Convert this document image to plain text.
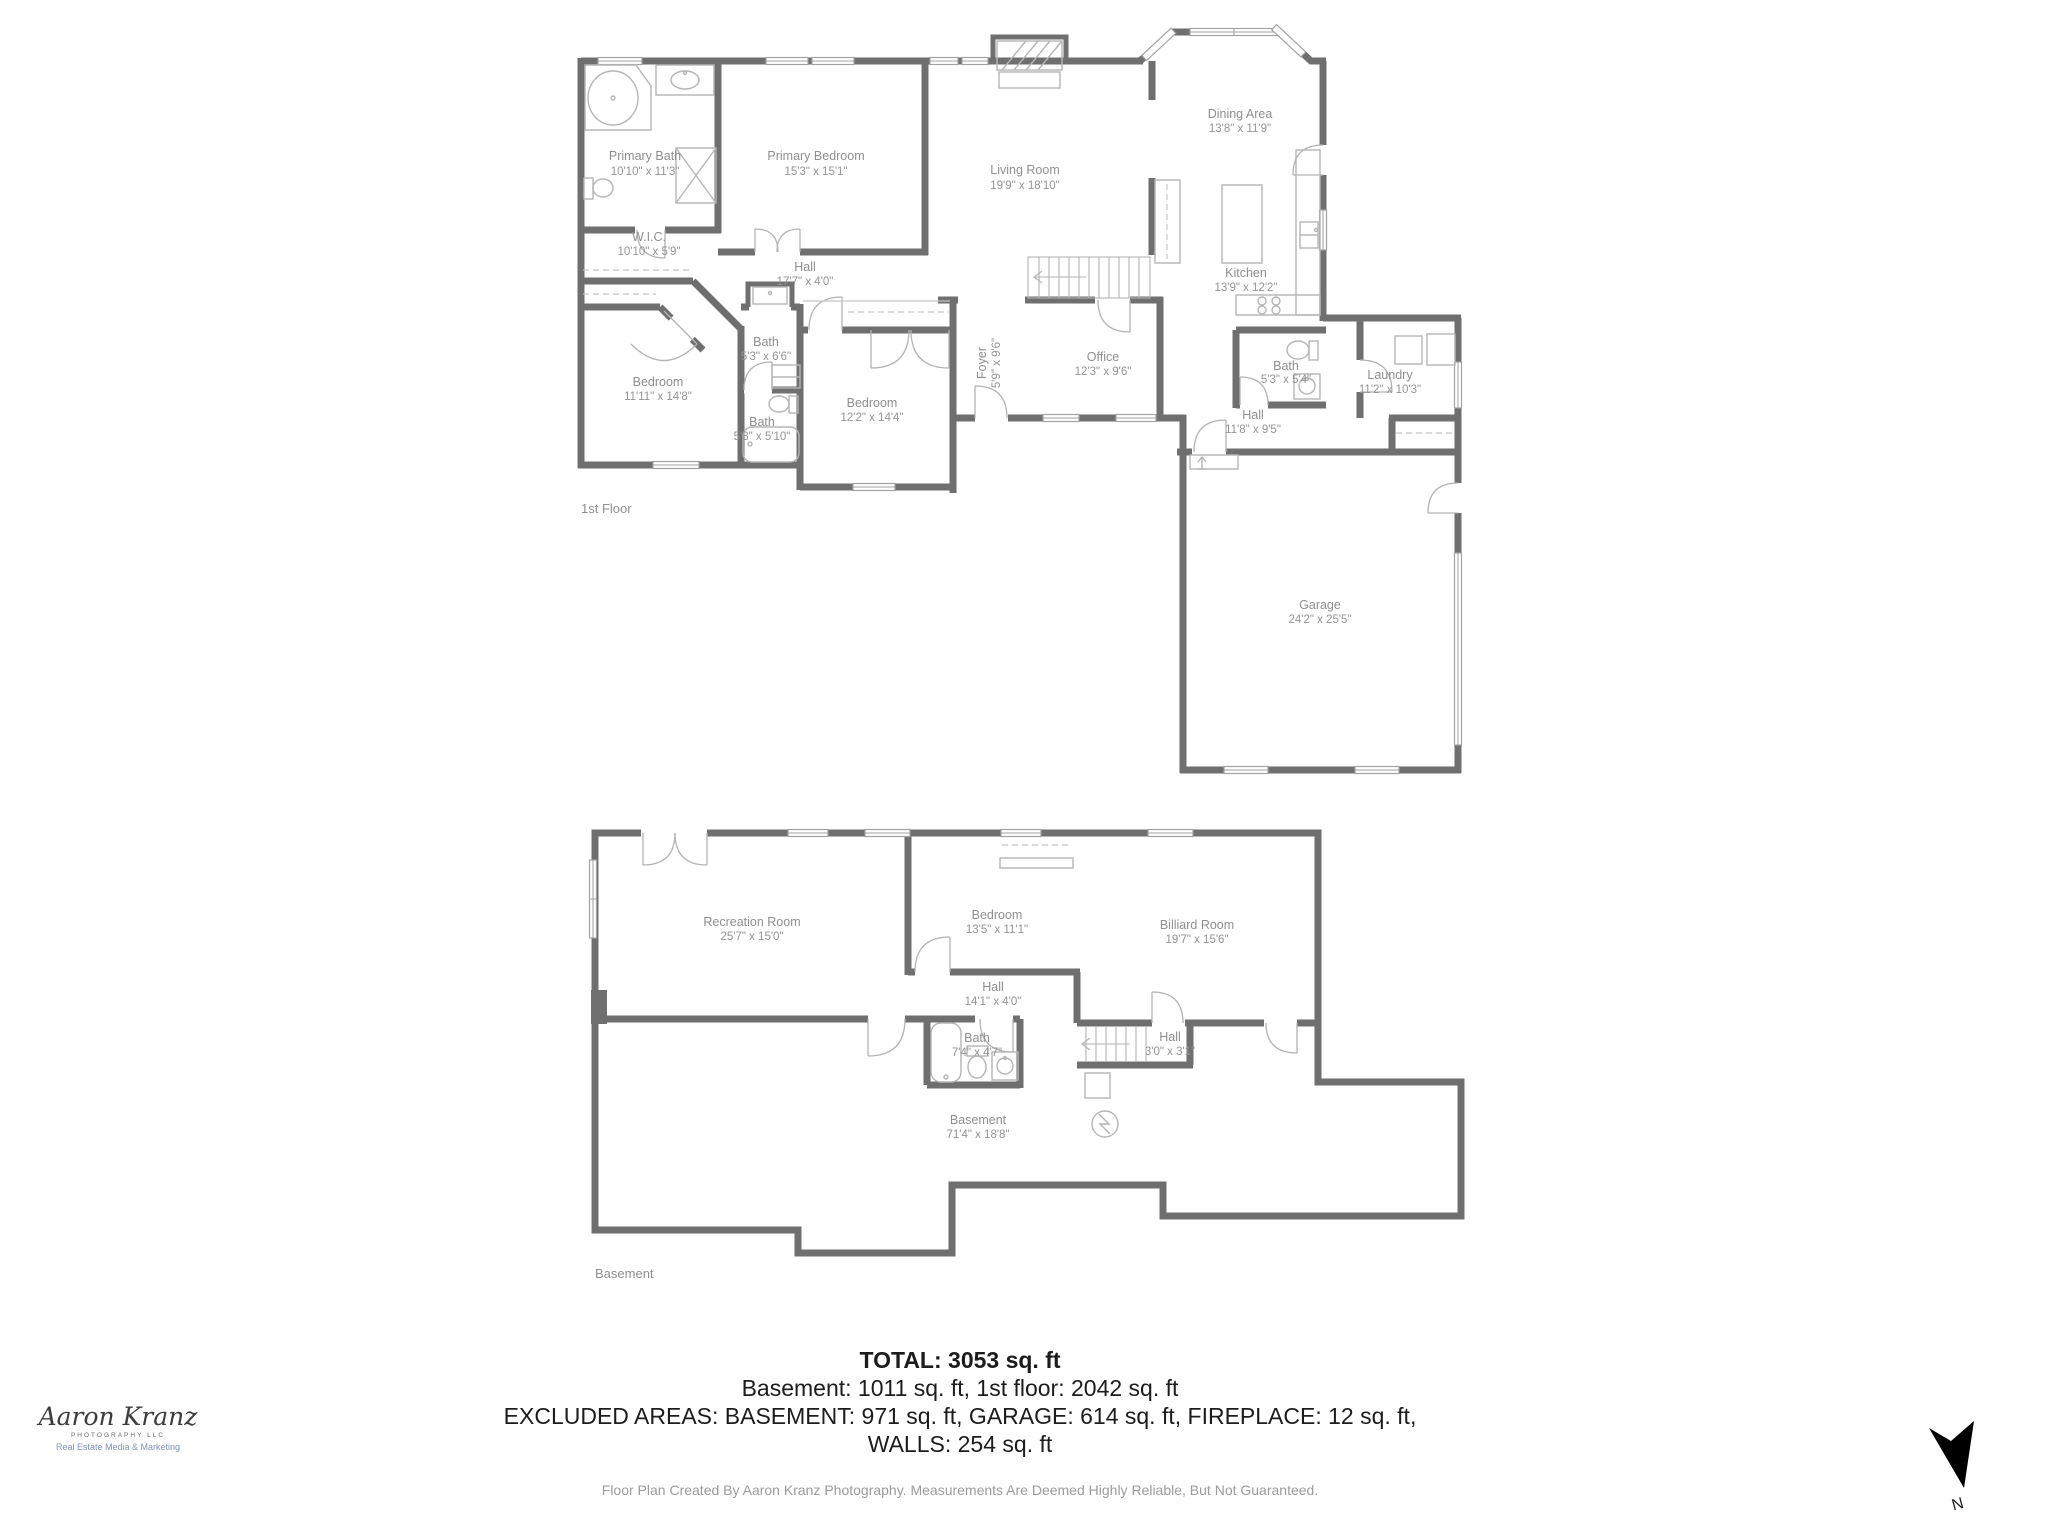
Primary Bath
10'10" x 11'3"
Primary Bedroom
15'3" x 15'1"	Living Room
19'9" x 18'10"
W.I.C.
10'10" x 5'9"
Hall
17'7" x 4'0"
Bath
5'3" x 6'6"
Bedroom
11'11" x 14'8"
Bath
5'3" x 5'10"
Bedroom
12'2" x 14'4"
Foyer 5'9" x 9'6"	Office
12'3" x 9'6"
Dining Area
13'8" x 11'9"
Kitchen
13'9" x 12'2"
Bath
5'3" x 5'4"	Laundry
11'2" x 10'3"
Hall
11'8" x 9'5"
Garage
24'2" x 25'5"
1st Floor
Recreation Room
25'7" x 15'0"
Bedroom
13'5" x 11'1"	Billiard Room
19'7" x 15'6"
Hall
14'1" x 4'0"
Bath
7'4" x 4'7"
Hall
3'0" x 3'1"
Basement
71'4" x 18'8"
Basement
N
Aaron Kranz
PHOTOGRAPHY LLC
Real Estate Media & Marketing
TOTAL: 3053 sq. ft
Basement: 1011 sq. ft, 1st floor: 2042 sq. ft
EXCLUDED AREAS: BASEMENT: 971 sq. ft, GARAGE: 614 sq. ft, FIREPLACE: 12 sq. ft,
WALLS: 254 sq. ft
Floor Plan Created By Aaron Kranz Photography. Measurements Are Deemed Highly Reliable, But Not Guaranteed.
